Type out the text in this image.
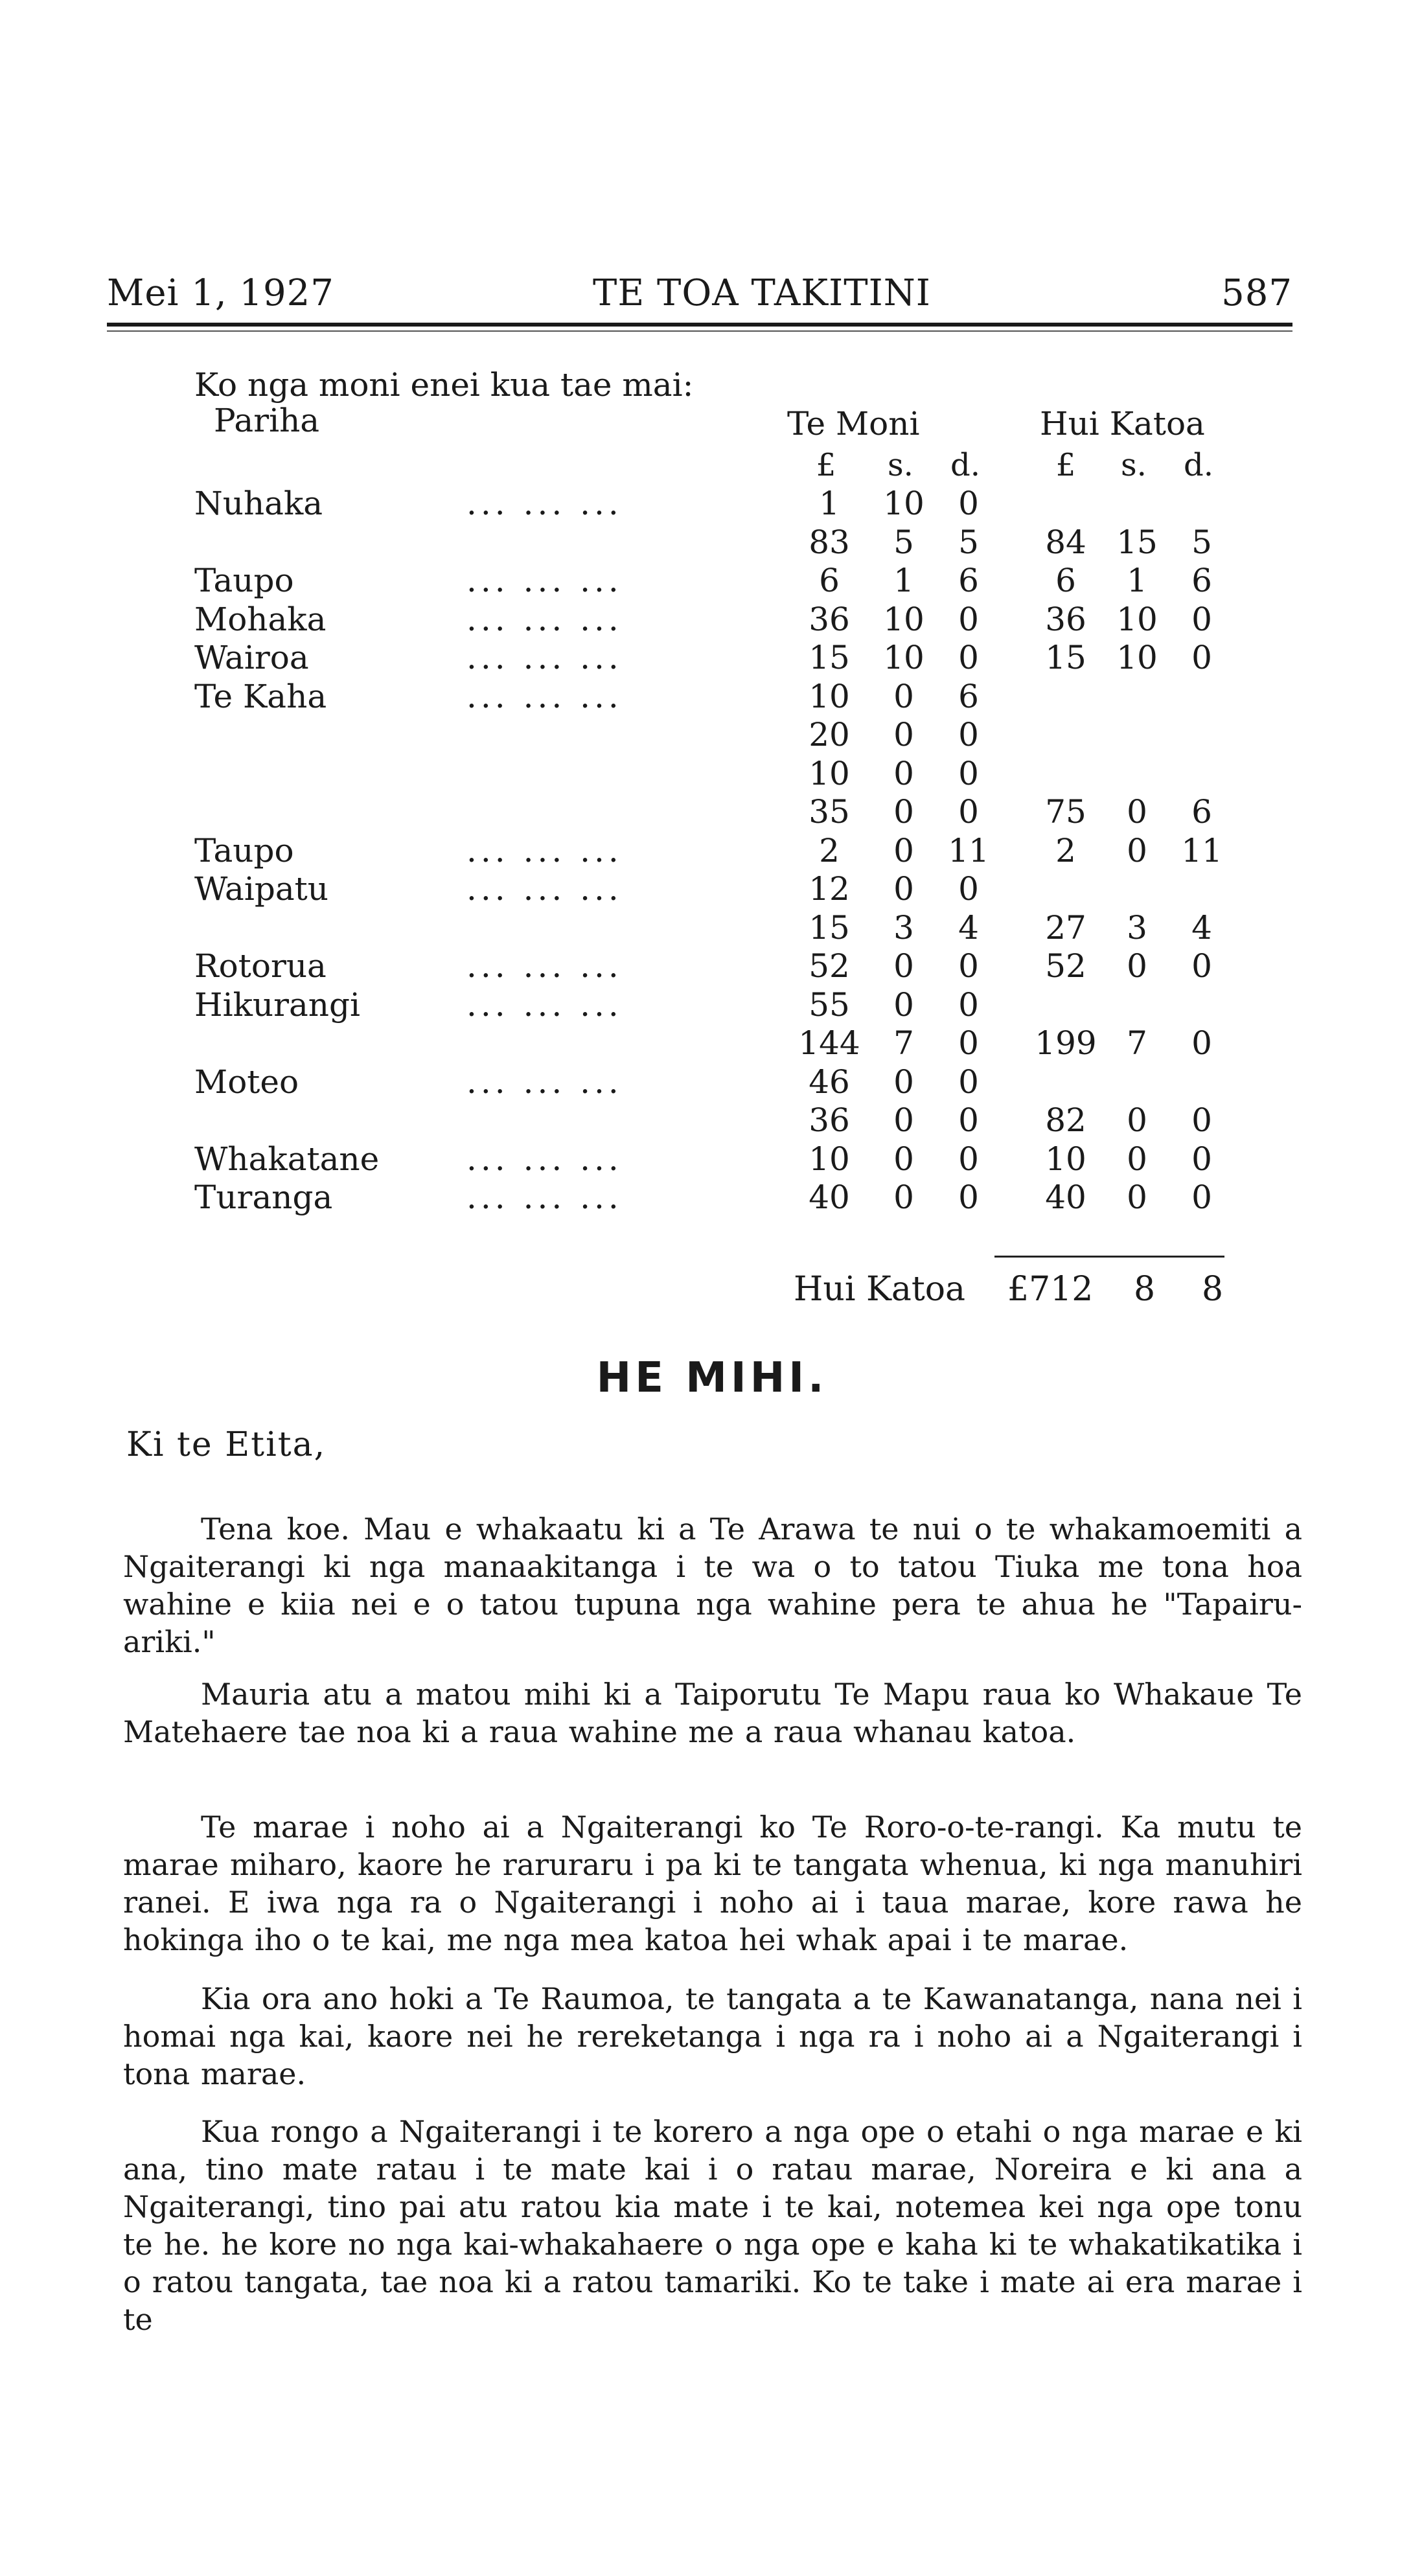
Mei 1, 1927	TE TOA TAKITINI	587
Ko nga moni enei kua tae mai:
Pariha	Te Moni	Hui Katoa
£	s.	d.	£	s.	d.
Nuhaka	... ... ...	1	10	0
83	5	5	84 15	5
Taupo	... ... ...	6	1	6	6	1	6
Mohaka	... ... ...	36	10	0	36 10	0
Wairoa	... ... ...	15	10	0	15 10	0
Te Kaha	... ... ...	10	0	6
20	0	0
10	0	0
35	0	0	75	0	6
Taupo	... ... ...	2	0	11	2	0	11
Waipatu	... ... ...	12	0	0
15	3	4	27	3	4
Rotorua	... ... ...	52	0	0	52	0	0
Hikurangi	... ... ...	55	0	0
144	7	0	199 7	0
Moteo	... ... ...	46	0	0
36	0	0	82	0	0
Whakatane	... ... ...	10	0	0	10	0	0
Turanga	... ... ...	40	0	0	40	0	0
Hui Katoa £712 8 8
HE MIHI.
Ki te Etita,

Tena koe. Mau e whakaatu ki a Te Arawa te nui o te whakamoemiti a Ngaiterangi ki nga manaakitanga i te wa o to tatou Tiuka me tona hoa wahine e kiia nei e o tatou tupuna nga wahine pera te ahua he "Tapairu-ariki."

Mauria atu a matou mihi ki a Taiporutu Te Mapu raua ko Whakaue Te Matehaere tae noa ki a raua wahine me a raua whanau katoa.

Te marae i noho ai a Ngaiterangi ko Te Roro-o-te-rangi. Ka mutu te marae miharo, kaore he raruraru i pa ki te tangata whenua, ki nga manuhiri ranei. E iwa nga ra o Ngaiterangi i noho ai i taua marae, kore rawa he hokinga iho o te kai, me nga mea katoa hei whak apai i te marae.

Kia ora ano hoki a Te Raumoa, te tangata a te Kawanatanga, nana nei i homai nga kai, kaore nei he rereketanga i nga ra i noho ai a Ngaiterangi i tona marae.

Kua rongo a Ngaiterangi i te korero a nga ope o etahi o nga marae e ki ana, tino mate ratau i te mate kai i o ratau marae, Noreira e ki ana a Ngaiterangi, tino pai atu ratou kia mate i te kai, notemea kei nga ope tonu te he. he kore no nga kai-whakahaere o nga ope e kaha ki te whakatikatika i o ratou tangata, tae noa ki a ratou tamariki. Ko te take i mate ai era marae i te
